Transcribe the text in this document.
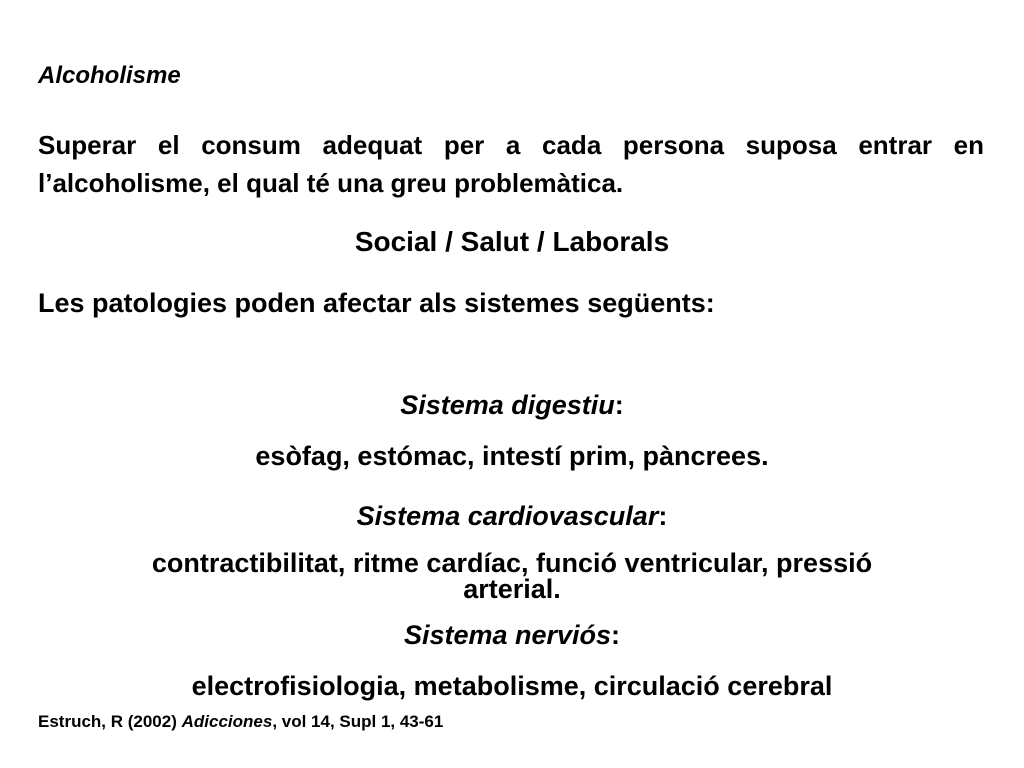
Alcoholisme

Superar el consum adequat per a cada persona suposa entrar en l’alcoholisme, el qual té una greu problemàtica.

Social / Salut / Laborals

Les patologies poden afectar als sistemes següents:

Sistema digestiu:

esòfag, estómac, intestí prim, pàncrees.

Sistema cardiovascular:

arterial.

contractibilitat, ritme cardíac, funció ventricular, pressió

Sistema nerviós:

electrofisiologia, metabolisme, circulació cerebral

Estruch, R (2002) Adicciones, vol 14, Supl 1, 43-61
